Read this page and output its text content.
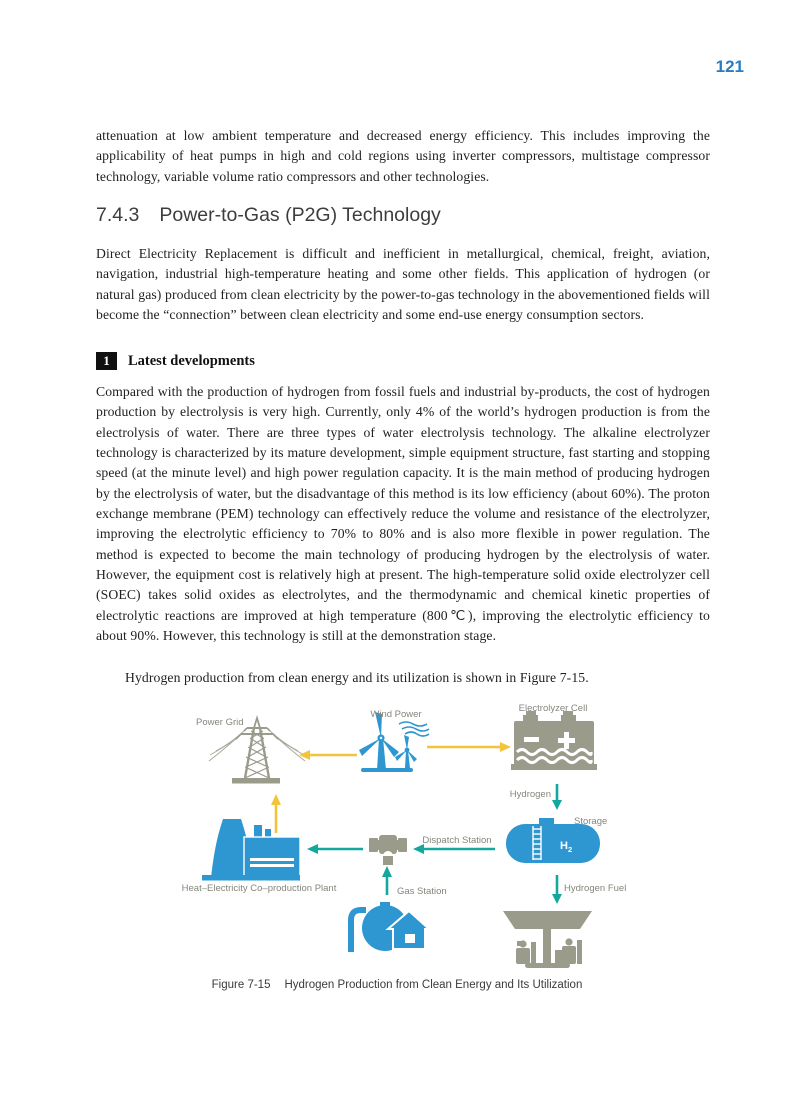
121
attenuation at low ambient temperature and decreased energy efficiency. This includes improving the applicability of heat pumps in high and cold regions using inverter compressors, multistage compressor technology, variable volume ratio compressors and other technologies.
7.4.3 Power-to-Gas (P2G) Technology
Direct Electricity Replacement is difficult and inefficient in metallurgical, chemical, freight, aviation, navigation, industrial high-temperature heating and some other fields. This application of hydrogen (or natural gas) produced from clean electricity by the power-to-gas technology in the abovementioned fields will become the “connection” between clean electricity and some end-use energy consumption sectors.
1 Latest developments
Compared with the production of hydrogen from fossil fuels and industrial by-products, the cost of hydrogen production by electrolysis is very high. Currently, only 4% of the world’s hydrogen production is from the electrolysis of water. There are three types of water electrolysis technology. The alkaline electrolyzer technology is characterized by its mature development, simple equipment structure, fast starting and stopping speed (at the minute level) and high power regulation capacity. It is the main method of producing hydrogen by the electrolysis of water, but the disadvantage of this method is its low efficiency (about 60%). The proton exchange membrane (PEM) technology can effectively reduce the volume and resistance of the electrolyzer, improving the electrolytic efficiency to 70% to 80% and is also more flexible in power regulation. The method is expected to become the main technology of producing hydrogen by the electrolysis of water. However, the equipment cost is relatively high at present. The high-temperature solid oxide electrolyzer cell (SOEC) takes solid oxides as electrolytes, and the thermodynamic and chemical kinetic properties of electrolytic reactions are improved at high temperature (800℃), improving the electrolytic efficiency to about 90%. However, this technology is still at the demonstration stage.
Hydrogen production from clean energy and its utilization is shown in Figure 7-15.
Power Grid
Wind Power
Electrolyzer Cell
Hydrogen
$H_2$
Storage
Dispatch Station
Heat–Electricity Co–production Plant	Gas Station	Hydrogen Fuel
Figure 7-15 Hydrogen Production from Clean Energy and Its Utilization
